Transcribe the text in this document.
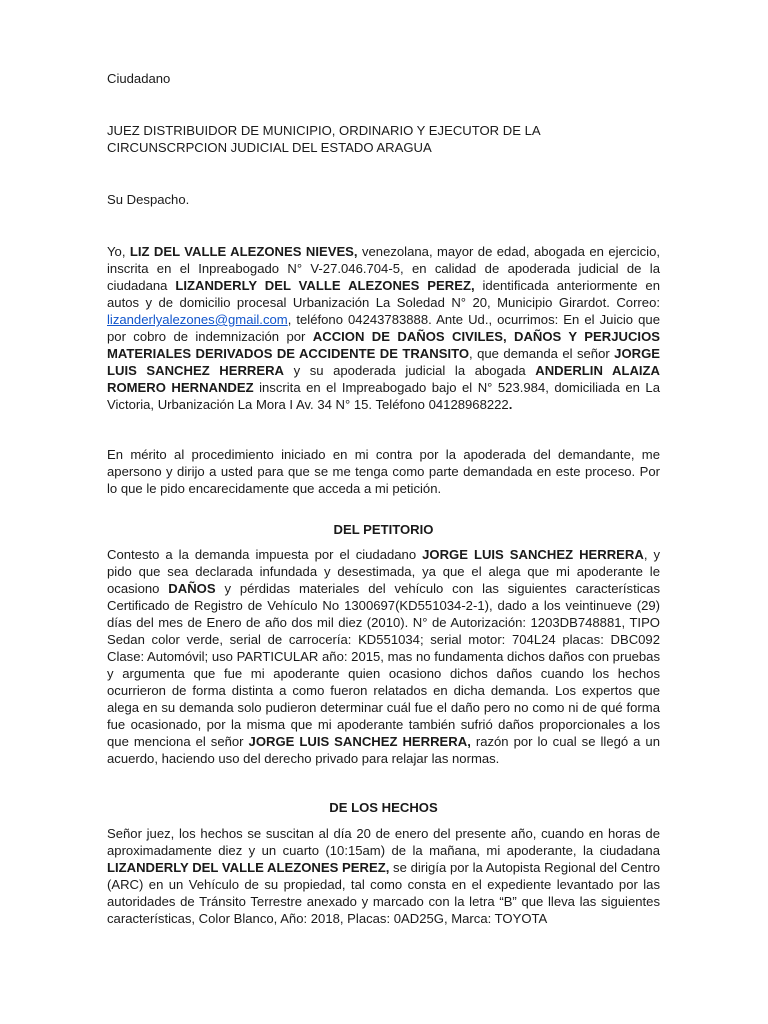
Ciudadano

JUEZ DISTRIBUIDOR DE MUNICIPIO, ORDINARIO Y EJECUTOR DE LA
CIRCUNSCRPCION JUDICIAL DEL ESTADO ARAGUA

Su Despacho.

Yo, LIZ DEL VALLE ALEZONES NIEVES, venezolana, mayor de edad, abogada en ejercicio, inscrita en el Inpreabogado N° V-27.046.704-5, en calidad de apoderada judicial de la ciudadana LIZANDERLY DEL VALLE ALEZONES PEREZ, identificada anteriormente en autos y de domicilio procesal Urbanización La Soledad N° 20, Municipio Girardot. Correo: lizanderlyalezones@gmail.com, teléfono 04243783888. Ante Ud., ocurrimos: En el Juicio que por cobro de indemnización por ACCION DE DAÑOS CIVILES, DAÑOS Y PERJUCIOS MATERIALES DERIVADOS DE ACCIDENTE DE TRANSITO, que demanda el señor JORGE LUIS SANCHEZ HERRERA y su apoderada judicial la abogada ANDERLIN ALAIZA ROMERO HERNANDEZ inscrita en el Impreabogado bajo el N° 523.984, domiciliada en La Victoria, Urbanización La Mora I Av. 34 N° 15. Teléfono 04128968222.

En mérito al procedimiento iniciado en mi contra por la apoderada del demandante, me apersono y dirijo a usted para que se me tenga como parte demandada en este proceso. Por lo que le pido encarecidamente que acceda a mi petición.

DEL PETITORIO

Contesto a la demanda impuesta por el ciudadano JORGE LUIS SANCHEZ HERRERA, y pido que sea declarada infundada y desestimada, ya que el alega que mi apoderante le ocasiono DAÑOS y pérdidas materiales del vehículo con las siguientes características Certificado de Registro de Vehículo No 1300697(KD551034-2-1), dado a los veintinueve (29) días del mes de Enero de año dos mil diez (2010). N° de Autorización: 1203DB748881, TIPO Sedan color verde, serial de carrocería: KD551034; serial motor: 704L24 placas: DBC092 Clase: Automóvil; uso PARTICULAR año: 2015, mas no fundamenta dichos daños con pruebas y argumenta que fue mi apoderante quien ocasiono dichos daños cuando los hechos ocurrieron de forma distinta a como fueron relatados en dicha demanda. Los expertos que alega en su demanda solo pudieron determinar cuál fue el daño pero no como ni de qué forma fue ocasionado, por la misma que mi apoderante también sufrió daños proporcionales a los que menciona el señor JORGE LUIS SANCHEZ HERRERA, razón por lo cual se llegó a un acuerdo, haciendo uso del derecho privado para relajar las normas.

DE LOS HECHOS

Señor juez, los hechos se suscitan al día 20 de enero del presente año, cuando en horas de aproximadamente diez y un cuarto (10:15am) de la mañana, mi apoderante, la ciudadana LIZANDERLY DEL VALLE ALEZONES PEREZ, se dirigía por la Autopista Regional del Centro (ARC) en un Vehículo de su propiedad, tal como consta en el expediente levantado por las autoridades de Tránsito Terrestre anexado y marcado con la letra “B” que lleva las siguientes características, Color Blanco, Año: 2018, Placas: 0AD25G, Marca: TOYOTA
